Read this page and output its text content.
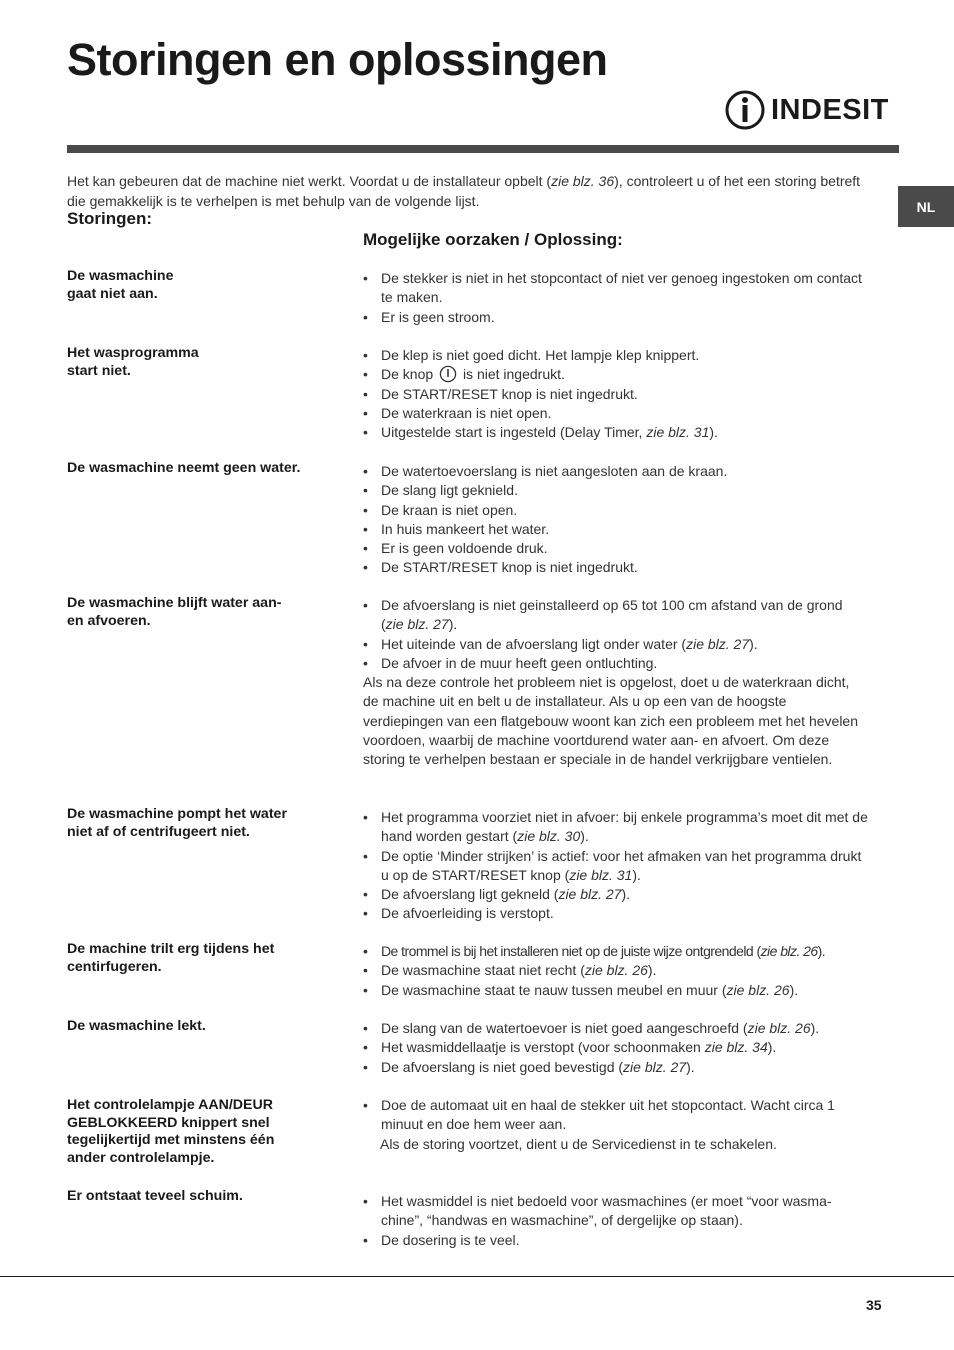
Storingen en oplossingen
INDESIT
NL
Het kan gebeuren dat de machine niet werkt. Voordat u de installateur opbelt (zie blz. 36), controleert u of het een storing betreft die gemakkelijk is te verhelpen is met behulp van de volgende lijst.
Storingen:
Mogelijke oorzaken / Oplossing:
De wasmachine
gaat niet aan.
• De stekker is niet in het stopcontact of niet ver genoeg ingestoken om contact te maken.
• Er is geen stroom.
Het wasprogramma
start niet.
• De klep is niet goed dicht. Het lampje klep knippert.
• De knop is niet ingedrukt.
• De START/RESET knop is niet ingedrukt.
• De waterkraan is niet open.
• Uitgestelde start is ingesteld (Delay Timer, zie blz. 31).
De wasmachine neemt geen water.	• De watertoevoerslang is niet aangesloten aan de kraan.
• De slang ligt geknield.
• De kraan is niet open.
• In huis mankeert het water.
• Er is geen voldoende druk.
• De START/RESET knop is niet ingedrukt.
De wasmachine blijft water aan-
en afvoeren.
• De afvoerslang is niet geinstalleerd op 65 tot 100 cm afstand van de grond (zie blz. 27).
• Het uiteinde van de afvoerslang ligt onder water (zie blz. 27).
• De afvoer in de muur heeft geen ontluchting.

Als na deze controle het probleem niet is opgelost, doet u de waterkraan dicht, de machine uit en belt u de installateur. Als u op een van de hoogste verdiepingen van een flatgebouw woont kan zich een probleem met het hevelen voordoen, waarbij de machine voortdurend water aan- en afvoert. Om deze storing te verhelpen bestaan er speciale in de handel verkrijgbare ventielen.

De wasmachine pompt het water
niet af of centrifugeert niet.
• Het programma voorziet niet in afvoer: bij enkele programma’s moet dit met de hand worden gestart (zie blz. 30).
• De optie ‘Minder strijken’ is actief: voor het afmaken van het programma drukt u op de START/RESET knop (zie blz. 31).
• De afvoerslang ligt gekneld (zie blz. 27).
• De afvoerleiding is verstopt.
De machine trilt erg tijdens het
centirfugeren.
• De trommel is bij het installeren niet op de juiste wijze ontgrendeld (zie blz. 26).
• De wasmachine staat niet recht (zie blz. 26).
• De wasmachine staat te nauw tussen meubel en muur (zie blz. 26).
De wasmachine lekt.	• De slang van de watertoevoer is niet goed aangeschroefd (zie blz. 26).
• Het wasmiddellaatje is verstopt (voor schoonmaken zie blz. 34).
• De afvoerslang is niet goed bevestigd (zie blz. 27).
Het controlelampje AAN/DEUR
GEBLOKKEERD knippert snel
tegelijkertijd met minstens één
ander controlelampje.
• Doe de automaat uit en haal de stekker uit het stopcontact. Wacht circa 1 minuut en doe hem weer aan.

Als de storing voortzet, dient u de Servicedienst in te schakelen.

Er ontstaat teveel schuim.	• Het wasmiddel is niet bedoeld voor wasmachines (er moet “voor wasma-chine”, “handwas en wasmachine”, of dergelijke op staan).
• De dosering is te veel.
35
